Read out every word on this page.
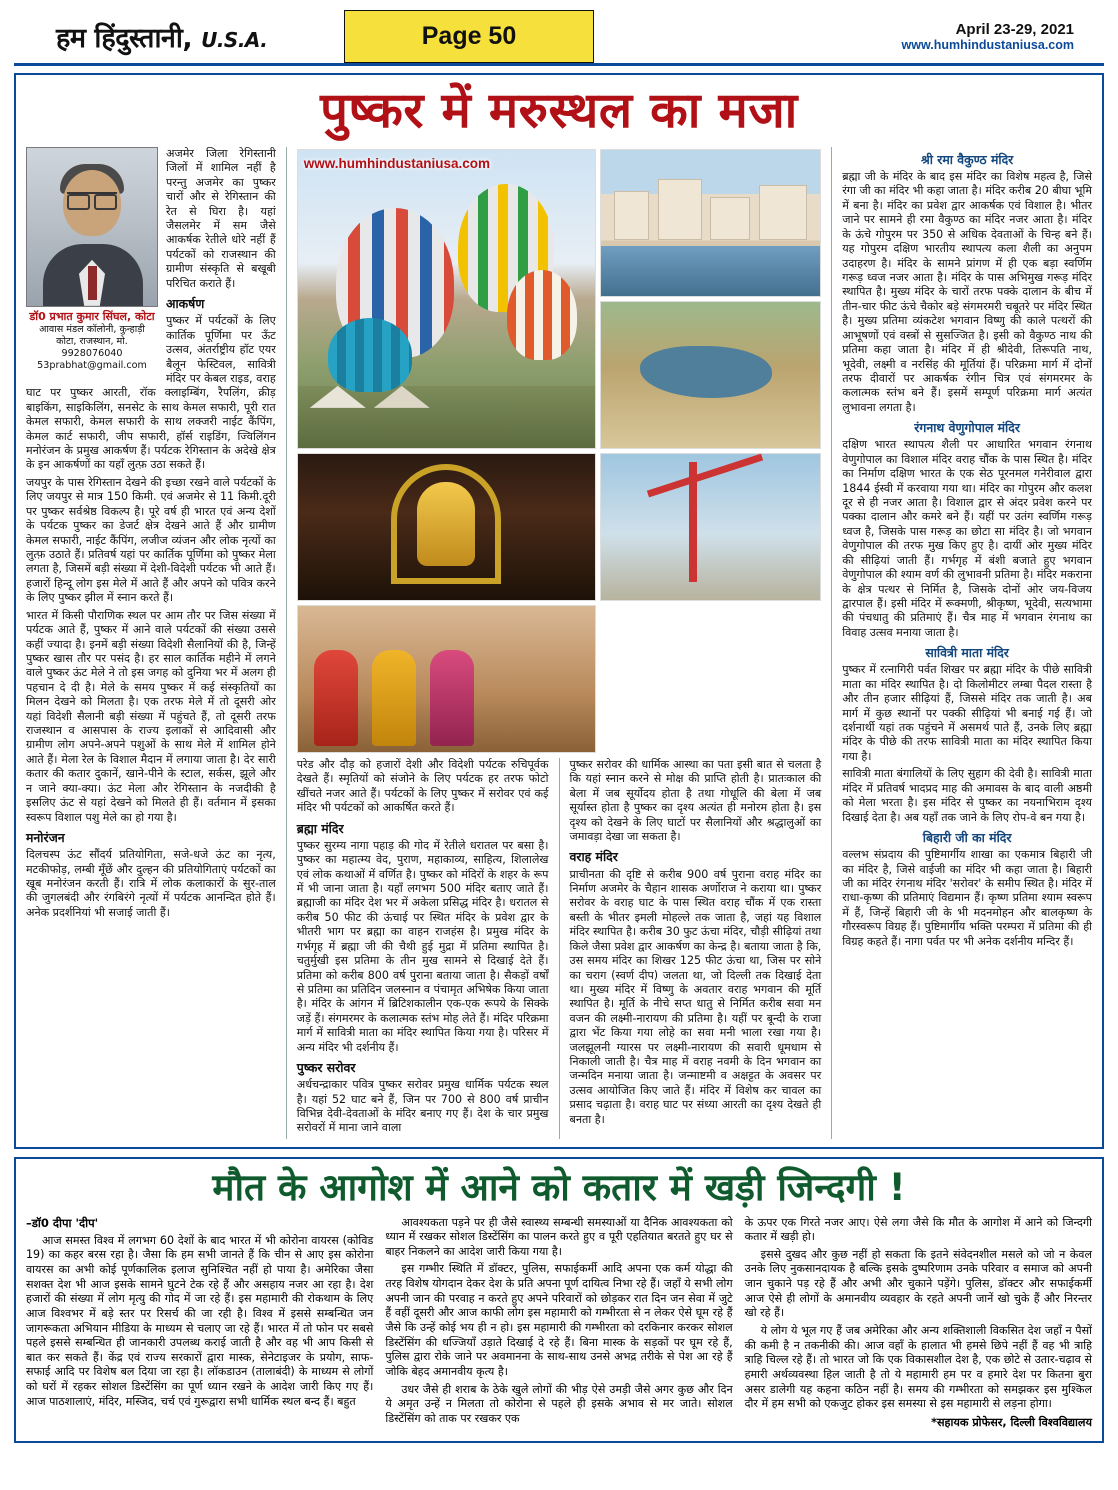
हम हिंदुस्तानी, U.S.A.	Page 50	April 23-29, 2021
www.humhindustaniusa.com
पुष्कर में मरुस्थल का मजा
डॉ0 प्रभात कुमार सिंघल, कोटा
आवास मंडल कॉलोनी, कुन्हाड़ी
कोटा, राजस्थान, मो. 9928076040
53prabhat@gmail.com

अजमेर जिला रेगिस्तानी जिलों में शामिल नहीं है परन्तु अजमेर का पुष्कर चारों और से रेगिस्तान की रेत से घिरा है। यहां जैसलमेर में सम जैसे आकर्षक रेतीले धोरे नहीं हैं पर्यटकों को राजस्थान की ग्रामीण संस्कृति से बखूबी परिचित कराते हैं।

आकर्षण

पुष्कर में पर्यटकों के लिए कार्तिक पूर्णिमा पर ऊँट उत्सव, अंतर्राष्ट्रीय हॉट एयर बैलून फेस्टिवल, सावित्री मंदिर पर केबल राइड, वराह घाट पर पुष्कर आरती, रॉक क्लाइम्बिंग, रैपलिंग, क्रीड़ बाइकिंग, साइकिलिंग, सनसेट के साथ केमल सफारी, पूरी रात केमल सफारी, केमल सफारी के साथ लक्जरी नाईट कैंपिंग, केमल कार्ट सफारी, जीप सफारी, हॉर्स राइडिंग, ज्विलिंगन मनोरंजन के प्रमुख आकर्षण हैं। पर्यटक रेगिस्तान के अदेखे क्षेत्र के इन आकर्षणों का यहाँ लुत्फ़ उठा सकते हैं।

जयपुर के पास रेगिस्तान देखने की इच्छा रखने वाले पर्यटकों के लिए जयपुर से मात्र 150 किमी. एवं अजमेर से 11 किमी.दूरी पर पुष्कर सर्वश्रेष्ठ विकल्प है। पूरे वर्ष ही भारत एवं अन्य देशों के पर्यटक पुष्कर का डेजर्ट क्षेत्र देखने आते हैं और ग्रामीण केमल सफारी, नाईट कैंपिंग, लजीज व्यंजन और लोक नृत्यों का लुत्फ़ उठाते हैं। प्रतिवर्ष यहां पर कार्तिक पूर्णिमा को पुष्कर मेला लगता है, जिसमें बड़ी संख्या में देशी-विदेशी पर्यटक भी आते हैं। हजारों हिन्दू लोग इस मेले में आते हैं और अपने को पवित्र करने के लिए पुष्कर झील में स्नान करते हैं।

भारत में किसी पौराणिक स्थल पर आम तौर पर जिस संख्या में पर्यटक आते हैं, पुष्कर में आने वाले पर्यटकों की संख्या उससे कहीं ज्यादा है। इनमें बड़ी संख्या विदेशी सैलानियों की है, जिन्हें पुष्कर खास तौर पर पसंद है। हर साल कार्तिक महीने में लगने वाले पुष्कर ऊंट मेले ने तो इस जगह को दुनिया भर में अलग ही पहचान दे दी है। मेले के समय पुष्कर में कई संस्कृतियों का मिलन देखने को मिलता है। एक तरफ मेले में तो दूसरी ओर यहां विदेशी सैलानी बड़ी संख्या में पहुंचते हैं, तो दूसरी तरफ राजस्थान व आसपास के राज्य इलाकों से आदिवासी और ग्रामीण लोग अपने-अपने पशुओं के साथ मेले में शामिल होने आते हैं। मेला रेल के विशाल मैदान में लगाया जाता है। देर सारी कतार की कतार दुकानें, खाने-पीने के स्टाल, सर्कस, झूले और न जाने क्या-क्या। ऊंट मेला और रेगिस्तान के नजदीकी है इसलिए ऊंट से यहां देखने को मिलते ही हैं। वर्तमान में इसका स्वरूप विशाल पशु मेले का हो गया है।

मनोरंजन

दिलचस्प ऊंट सौंदर्य प्रतियोगिता, सजे-धजे ऊंट का नृत्य, मटकीफोड़, लम्बी मूँछें और दुल्हन की प्रतियोगिताएं पर्यटकों का खूब मनोरंजन करती हैं। रात्रि में लोक कलाकारों के सुर-ताल की जुगलबंदी और रंगबिरंगे नृत्यों में पर्यटक आनन्दित होते हैं। अनेक प्रदर्शनियां भी सजाई जाती हैं।

www.humhindustaniusa.com

परेड और दौड़ को हजारों देशी और विदेशी पर्यटक रुचिपूर्वक देखते हैं। स्मृतियों को संजोने के लिए पर्यटक हर तरफ फोटो खींचते नजर आते हैं। पर्यटकों के लिए पुष्कर में सरोवर एवं कई मंदिर भी पर्यटकों को आकर्षित करते हैं।

ब्रह्मा मंदिर

पुष्कर सुरम्य नागा पहाड़ की गोद में रेतीले धरातल पर बसा है। पुष्कर का महात्म्य वेद, पुराण, महाकाव्य, साहित्य, शिलालेख एवं लोक कथाओं में वर्णित है। पुष्कर को मंदिरों के शहर के रूप में भी जाना जाता है। यहाँ लगभग 500 मंदिर बताए जाते हैं। ब्रह्माजी का मंदिर देश भर में अकेला प्रसिद्ध मंदिर है। धरातल से करीब 50 फीट की ऊंचाई पर स्थित मंदिर के प्रवेश द्वार के भीतरी भाग पर ब्रह्मा का वाहन राजहंस है। प्रमुख मंदिर के गर्भगृह में ब्रह्मा जी की चैथी हुई मुद्रा में प्रतिमा स्थापित है। चतुर्मुखी इस प्रतिमा के तीन मुख सामने से दिखाई देते हैं। प्रतिमा को करीब 800 वर्ष पुराना बताया जाता है। सैकड़ों वर्षों से प्रतिमा का प्रतिदिन जलस्नान व पंचामृत अभिषेक किया जाता है। मंदिर के आंगन में ब्रिटिशकालीन एक-एक रूपये के सिक्के जड़ें हैं। संगमरमर के कलात्मक स्तंभ मोह लेते हैं। मंदिर परिक्रमा मार्ग में सावित्री माता का मंदिर स्थापित किया गया है। परिसर में अन्य मंदिर भी दर्शनीय हैं।

पुष्कर सरोवर

अर्धचन्द्राकार पवित्र पुष्कर सरोवर प्रमुख धार्मिक पर्यटक स्थल है। यहां 52 घाट बने हैं, जिन पर 700 से 800 वर्ष प्राचीन विभिन्न देवी-देवताओं के मंदिर बनाए गए हैं। देश के चार प्रमुख सरोवरों में माना जाने वाला

पुष्कर सरोवर की धार्मिक आस्था का पता इसी बात से चलता है कि यहां स्नान करने से मोक्ष की प्राप्ति होती है। प्रातःकाल की बेला में जब सूर्योदय होता है तथा गोधूलि की बेला में जब सूर्यास्त होता है पुष्कर का दृश्य अत्यंत ही मनोरम होता है। इस दृश्य को देखने के लिए घाटों पर सैलानियों और श्रद्धालुओं का जमावड़ा देखा जा सकता है।

वराह मंदिर

प्राचीनता की दृष्टि से करीब 900 वर्ष पुराना वराह मंदिर का निर्माण अजमेर के चैहान शासक अर्णोराज ने कराया था। पुष्कर सरोवर के वराह घाट के पास स्थित वराह चौंक में एक रास्ता बस्ती के भीतर इमली मोहल्ले तक जाता है, जहां यह विशाल मंदिर स्थापित है। करीब 30 फुट ऊंचा मंदिर, चौड़ी सीढ़ियां तथा किले जैसा प्रवेश द्वार आकर्षण का केन्द्र है। बताया जाता है कि, उस समय मंदिर का शिखर 125 फीट ऊंचा था, जिस पर सोने का चराग (स्वर्ण दीप) जलता था, जो दिल्ली तक दिखाई देता था। मुख्य मंदिर में विष्णु के अवतार वराह भगवान की मूर्ति स्थापित है। मूर्ति के नीचे सप्त धातु से निर्मित करीब सवा मन वजन की लक्ष्मी-नारायण की प्रतिमा है। यहीं पर बून्दी के राजा द्वारा भेंट किया गया लोहे का सवा मनी भाला रखा गया है। जलझूलनी ग्यारस पर लक्ष्मी-नारायण की सवारी धूमधाम से निकाली जाती है। चैत्र माह में वराह नवमी के दिन भगवान का जन्मदिन मनाया जाता है। जन्माष्टमी व अक्षट्टत के अवसर पर उत्सव आयोजित किए जाते हैं। मंदिर में विशेष कर चावल का प्रसाद चढ़ाता है। वराह घाट पर संध्या आरती का दृश्य देखते ही बनता है।

श्री रमा वैकुण्ठ मंदिर

ब्रह्मा जी के मंदिर के बाद इस मंदिर का विशेष महत्व है, जिसे रंगा जी का मंदिर भी कहा जाता है। मंदिर करीब 20 बीघा भूमि में बना है। मंदिर का प्रवेश द्वार आकर्षक एवं विशाल है। भीतर जाने पर सामने ही रमा वैकुण्ठ का मंदिर नजर आता है। मंदिर के ऊंचे गोपुरम पर 350 से अधिक देवताओं के चिन्ह बने हैं। यह गोपुरम दक्षिण भारतीय स्थापत्य कला शैली का अनुपम उदाहरण है। मंदिर के सामने प्रांगण में ही एक बड़ा स्वर्णिम गरूड़ ध्वज नजर आता है। मंदिर के पास अभिमुख गरूड़ मंदिर स्थापित है। मुख्य मंदिर के चारों तरफ पक्के दालान के बीच में तीन-चार फीट ऊंचे चैकोर बड़े संगमरमरी चबूतरे पर मंदिर स्थित है। मुख्य प्रतिमा व्यंकटेश भगवान विष्णु की काले पत्थरों की आभूषणों एवं वस्त्रों से सुसज्जित है। इसी को वैकुण्ठ नाथ की प्रतिमा कहा जाता है। मंदिर में ही श्रीदेवी, तिरूपति नाथ, भूदेवी, लक्ष्मी व नरसिंह की मूर्तियां हैं। परिक्रमा मार्ग में दोनों तरफ दीवारों पर आकर्षक रंगीन चित्र एवं संगमरमर के कलात्मक स्तंभ बने हैं। इसमें सम्पूर्ण परिक्रमा मार्ग अत्यंत लुभावना लगता है।

रंगनाथ वेणुगोपाल मंदिर

दक्षिण भारत स्थापत्य शैली पर आधारित भगवान रंगनाथ वेणुगोपाल का विशाल मंदिर वराह चौंक के पास स्थित है। मंदिर का निर्माण दक्षिण भारत के एक सेठ पूरनमल गनेरीवाल द्वारा 1844 ईस्वी में करवाया गया था। मंदिर का गोपुरम और कलश दूर से ही नजर आता है। विशाल द्वार से अंदर प्रवेश करने पर पक्का दालान और कमरे बने हैं। यहीं पर उतंग स्वर्णिम गरूड़ ध्वज है, जिसके पास गरूड़ का छोटा सा मंदिर है। जो भगवान वेणुगोपाल की तरफ मुख किए हुए है। दायीं ओर मुख्य मंदिर की सीढ़ियां जाती हैं। गर्भगृह में बंशी बजाते हुए भगवान वेणुगोपाल की श्याम वर्ण की लुभावनी प्रतिमा है। मंदिर मकराना के क्षेत्र पत्थर से निर्मित है, जिसके दोनों ओर जय-विजय द्वारपाल हैं। इसी मंदिर में रूक्मणी, श्रीकृष्ण, भूदेवी, सत्यभामा की पंचधातु की प्रतिमाएं हैं। चैत्र माह में भगवान रंगनाथ का विवाह उत्सव मनाया जाता है।

सावित्री माता मंदिर

पुष्कर में रत्नागिरी पर्वत शिखर पर ब्रह्मा मंदिर के पीछे सावित्री माता का मंदिर स्थापित है। दो किलोमीटर लम्बा पैदल रास्ता है और तीन हजार सीढ़ियां हैं, जिससे मंदिर तक जाती है। अब मार्ग में कुछ स्थानों पर पक्की सीढ़ियां भी बनाई गई हैं। जो दर्शनार्थी यहां तक पहुंचने में असमर्थ पाते हैं, उनके लिए ब्रह्मा मंदिर के पीछे की तरफ सावित्री माता का मंदिर स्थापित किया गया है।

सावित्री माता बंगालियों के लिए सुहाग की देवी है। सावित्री माता मंदिर में प्रतिवर्ष भादप्रद माह की अमावस के बाद वाली अष्ठमी को मेला भरता है। इस मंदिर से पुष्कर का नयनाभिराम दृश्य दिखाई देता है। अब यहाँ तक जाने के लिए रोप-वे बन गया है।

बिहारी जी का मंदिर

वल्लभ संप्रदाय की पुष्टिमार्गीय शाखा का एकमात्र बिहारी जी का मंदिर है, जिसे वाईजी का मंदिर भी कहा जाता है। बिहारी जी का मंदिर रंगनाथ मंदिर 'सरोवर' के समीप स्थित है। मंदिर में राधा-कृष्ण की प्रतिमाएं विद्यमान हैं। कृष्ण प्रतिमा श्याम स्वरूप में हैं, जिन्हें बिहारी जी के भी मदनमोहन और बालकृष्ण के गौरस्वरूप विग्रह हैं। पुष्टिमार्गीय भक्ति परम्परा में प्रतिमा की ही विग्रह कहते हैं। नागा पर्वत पर भी अनेक दर्शनीय मन्दिर हैं।

मौत के आगोश में आने को कतार में खड़ी जिन्दगी !
–डॉ0 दीपा 'दीप'

आज समस्त विश्व में लगभग 60 देशों के बाद भारत में भी कोरोना वायरस (कोविड 19) का कहर बरस रहा है। जैसा कि हम सभी जानते हैं कि चीन से आए इस कोरोना वायरस का अभी कोई पूर्णकालिक इलाज सुनिश्चित नहीं हो पाया है। अमेरिका जैसा सशक्त देश भी आज इसके सामने घुटने टेक रहे हैं और असहाय नजर आ रहा है। देश हजारों की संख्या में लोग मृत्यु की गोद में जा रहे हैं। इस महामारी की रोकथाम के लिए आज विश्वभर में बड़े स्तर पर रिसर्च की जा रही है। विश्व में इससे सम्बन्धित जन जागरूकता अभियान मीडिया के माध्यम से चलाए जा रहे हैं। भारत में तो फोन पर सबसे पहले इससे सम्बन्धित ही जानकारी उपलब्ध कराई जाती है और वह भी आप किसी से बात कर सकते हैं। केंद्र एवं राज्य सरकारों द्वारा मास्क, सेनेटाइजर के प्रयोग, साफ-सफाई आदि पर विशेष बल दिया जा रहा है। लॉकडाउन (तालाबंदी) के माध्यम से लोगों को घरों में रहकर सोशल डिस्टेंसिंग का पूर्ण ध्यान रखने के आदेश जारी किए गए हैं। आज पाठशालाएं, मंदिर, मस्जिद, चर्च एवं गुरूद्वारा सभी धार्मिक स्थल बन्द हैं। बहुत

आवश्यकता पड़ने पर ही जैसे स्वास्थ्य सम्बन्धी समस्याओं या दैनिक आवश्यकता को ध्यान में रखकर सोशल डिस्टेंसिंग का पालन करते हुए व पूरी एहतियात बरतते हुए घर से बाहर निकलने का आदेश जारी किया गया है।

इस गम्भीर स्थिति में डॉक्टर, पुलिस, सफाईकर्मी आदि अपना एक कर्म योद्धा की तरह विशेष योगदान देकर देश के प्रति अपना पूर्ण दायित्व निभा रहे हैं। जहाँ ये सभी लोग अपनी जान की परवाह न करते हुए अपने परिवारों को छोड़कर रात दिन जन सेवा में जुटे हैं वहीं दूसरी और आज काफी लोग इस महामारी को गम्भीरता से न लेकर ऐसे घूम रहे हैं जैसे कि उन्हें कोई भय ही न हो। इस महामारी की गम्भीरता को दरकिनार करकर सोशल डिस्टेंसिंग की धज्जियाँ उड़ाते दिखाई दे रहे हैं। बिना मास्क के सड़कों पर घूम रहे हैं, पुलिस द्वारा रोके जाने पर अवमानना के साथ-साथ उनसे अभद्र तरीके से पेश आ रहे हैं जोकि बेहद अमानवीय कृत्य है।

उधर जैसे ही शराब के ठेके खुले लोगों की भीड़ ऐसे उमड़ी जैसे अगर कुछ और दिन ये अमृत उन्हें न मिलता तो कोरोना से पहले ही इसके अभाव से मर जाते। सोशल डिस्टेंसिंग को ताक पर रखकर एक

के ऊपर एक गिरते नजर आए। ऐसे लगा जैसे कि मौत के आगोश में आने को जिन्दगी कतार में खड़ी हो।

इससे दुखद और कुछ नहीं हो सकता कि इतने संवेदनशील मसले को जो न केवल उनके लिए नुकसानदायक है बल्कि इसके दुष्परिणाम उनके परिवार व समाज को अपनी जान चुकाने पड़ रहे हैं और अभी और चुकाने पड़ेंगे। पुलिस, डॉक्टर और सफाईकर्मी आज ऐसे ही लोगों के अमानवीय व्यवहार के रहते अपनी जानें खो चुके हैं और निरन्तर खो रहे हैं।

ये लोग ये भूल गए हैं जब अमेरिका और अन्य शक्तिशाली विकसित देश जहाँ न पैसों की कमी है न तकनीकी की। आज वहाँ के हालात भी हमसे छिपे नहीं हैं वह भी त्राहि त्राहि चिल्ल रहे हैं। तो भारत जो कि एक विकासशील देश है, एक छोटे से उतार-चढ़ाव से हमारी अर्थव्यवस्था हिल जाती है तो ये महामारी हम पर व हमारे देश पर कितना बुरा असर डालेगी यह कहना कठिन नहीं है। समय की गम्भीरता को समझकर इस मुश्किल दौर में हम सभी को एकजुट होकर इस समस्या से इस महामारी से लड़ना होगा।

*सहायक प्रोफेसर, दिल्ली विश्वविद्यालय
